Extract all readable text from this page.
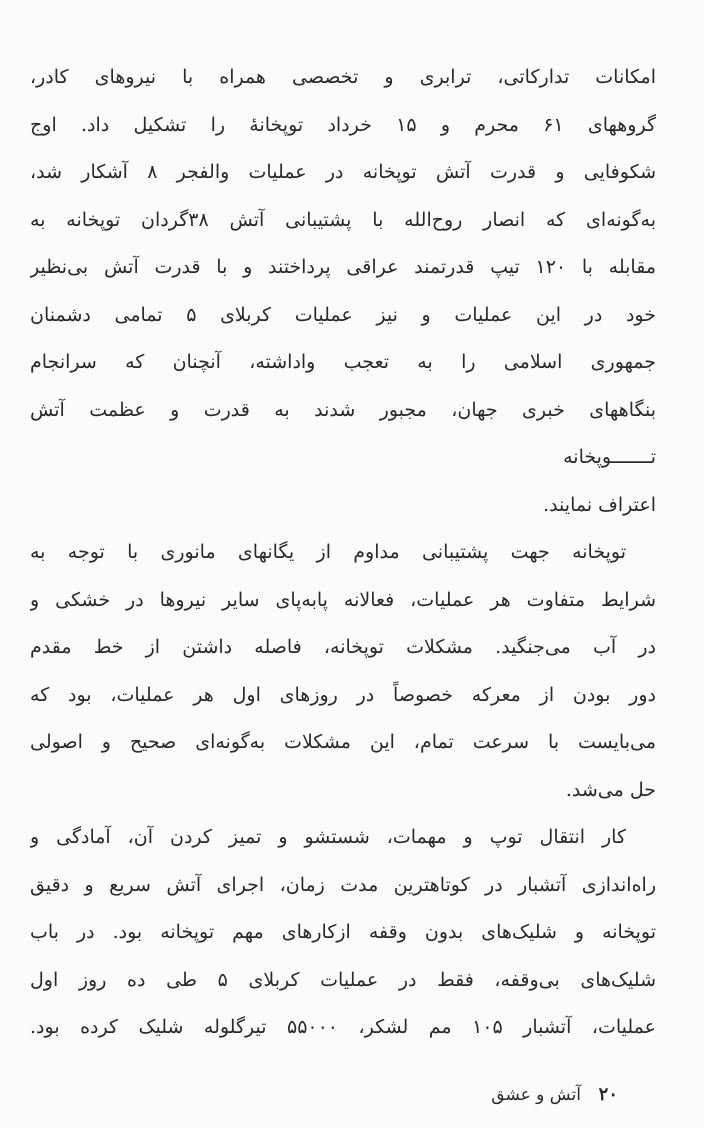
امکانات تدارکاتی، ترابری و تخصصی همراه با نیروهای کادر،
گروههای ۶۱ محرم و ۱۵ خرداد توپخانهٔ را تشکیل داد. اوج
شکوفایی و قدرت آتش توپخانه در عملیات والفجر ۸ آشکار شد،
به‌گونه‌ای که انصار روح‌الله با پشتیبانی آتش ۳۸گردان توپخانه به
مقابله با ۱۲۰ تیپ قدرتمند عراقی پرداختند و با قدرت آتش بی‌نظیر
خود در این عملیات و نیز عملیات کربلای ۵ تمامی دشمنان
جمهوری اسلامی را به تعجب واداشته، آنچنان که سرانجام
بنگاههای خبری جهان، مجبور شدند به قدرت و عظمت آتش
تـــــــوپخانه
اعتراف نمایند.
توپخانه جهت پشتیبانی مداوم از یگانهای مانوری با توجه به
شرایط متفاوت هر عملیات، فعالانه پابه‌پای سایر نیروها در خشکی و
در آب می‌جنگید. مشکلات توپخانه، فاصله داشتن از خط مقدم
دور بودن از معرکه خصوصاً در روزهای اول هر عملیات، بود که
می‌بایست با سرعت تمام، این مشکلات به‌گونه‌ای صحیح و اصولی
حل می‌شد.
کار انتقال توپ و مهمات، شستشو و تمیز کردن آن، آمادگی و
راه‌اندازی آتشبار در کوتاهترین مدت زمان، اجرای آتش سریع و دقیق
توپخانه و شلیک‌های بدون وقفه ازکارهای مهم توپخانه بود. در باب
شلیک‌های بی‌وقفه، فقط در عملیات کربلای ۵ طی ده روز اول
عملیات، آتشبار ۱۰۵ مم لشکر، ۵۵۰۰۰ تیرگلوله شلیک کرده بود.
۲۰ آتش و عشق
